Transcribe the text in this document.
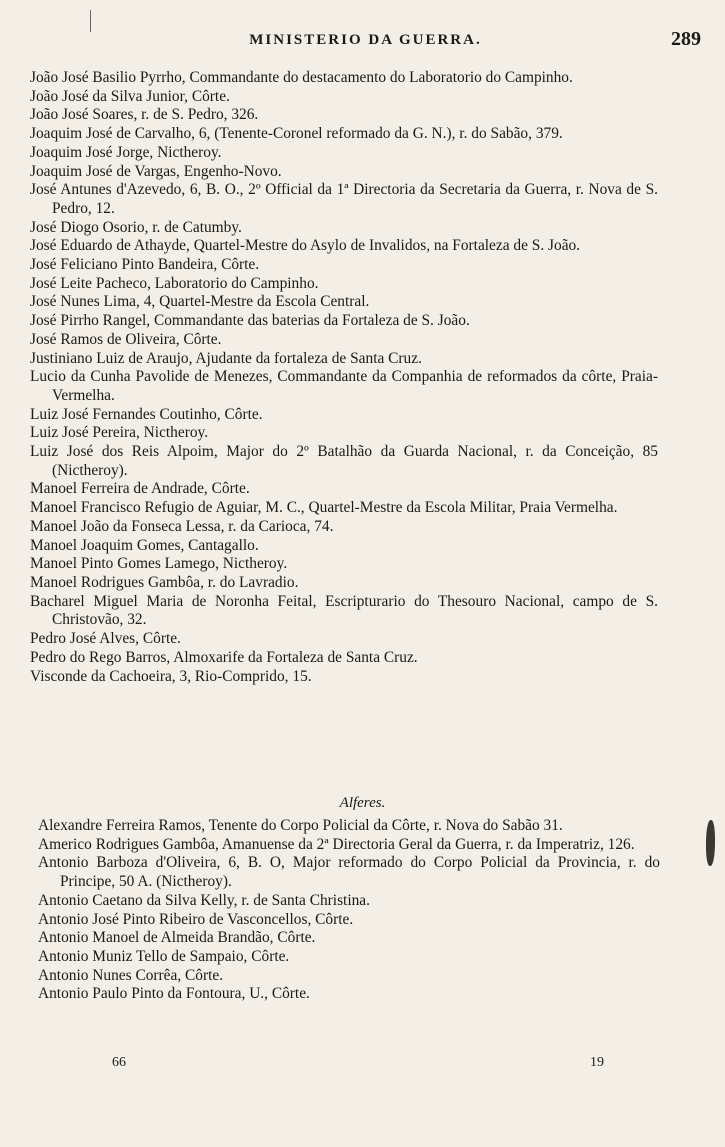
MINISTERIO DA GUERRA.	289
João José Basilio Pyrrho, Commandante do destacamento do Laboratorio do Campinho.
João José da Silva Junior, Côrte.
João José Soares, r. de S. Pedro, 326.
Joaquim José de Carvalho, 6, (Tenente-Coronel reformado da G. N.), r. do Sabão, 379.
Joaquim José Jorge, Nictheroy.
Joaquim José de Vargas, Engenho-Novo.
José Antunes d'Azevedo, 6, B. O., 2º Official da 1ª Directoria da Secretaria da Guerra, r. Nova de S. Pedro, 12.
José Diogo Osorio, r. de Catumby.
José Eduardo de Athayde, Quartel-Mestre do Asylo de Invalidos, na Fortaleza de S. João.
José Feliciano Pinto Bandeira, Côrte.
José Leite Pacheco, Laboratorio do Campinho.
José Nunes Lima, 4, Quartel-Mestre da Escola Central.
José Pirrho Rangel, Commandante das baterias da Fortaleza de S. João.
José Ramos de Oliveira, Côrte.
Justiniano Luiz de Araujo, Ajudante da fortaleza de Santa Cruz.
Lucio da Cunha Pavolide de Menezes, Commandante da Companhia de reformados da côrte, Praia-Vermelha.
Luiz José Fernandes Coutinho, Côrte.
Luiz José Pereira, Nictheroy.
Luiz José dos Reis Alpoim, Major do 2º Batalhão da Guarda Nacional, r. da Conceição, 85 (Nictheroy).
Manoel Ferreira de Andrade, Côrte.
Manoel Francisco Refugio de Aguiar, M. C., Quartel-Mestre da Escola Militar, Praia Vermelha.
Manoel João da Fonseca Lessa, r. da Carioca, 74.
Manoel Joaquim Gomes, Cantagallo.
Manoel Pinto Gomes Lamego, Nictheroy.
Manoel Rodrigues Gambôa, r. do Lavradio.
Bacharel Miguel Maria de Noronha Feital, Escripturario do Thesouro Nacional, campo de S. Christovão, 32.
Pedro José Alves, Côrte.
Pedro do Rego Barros, Almoxarife da Fortaleza de Santa Cruz.
Visconde da Cachoeira, 3, Rio-Comprido, 15.
Alferes.
Alexandre Ferreira Ramos, Tenente do Corpo Policial da Côrte, r. Nova do Sabão 31.
Americo Rodrigues Gambôa, Amanuense da 2ª Directoria Geral da Guerra, r. da Imperatriz, 126.
Antonio Barboza d'Oliveira, 6, B. O, Major reformado do Corpo Policial da Provincia, r. do Principe, 50 A. (Nictheroy).
Antonio Caetano da Silva Kelly, r. de Santa Christina.
Antonio José Pinto Ribeiro de Vasconcellos, Côrte.
Antonio Manoel de Almeida Brandão, Côrte.
Antonio Muniz Tello de Sampaio, Côrte.
Antonio Nunes Corrêa, Côrte.
Antonio Paulo Pinto da Fontoura, U., Côrte.
66	19
